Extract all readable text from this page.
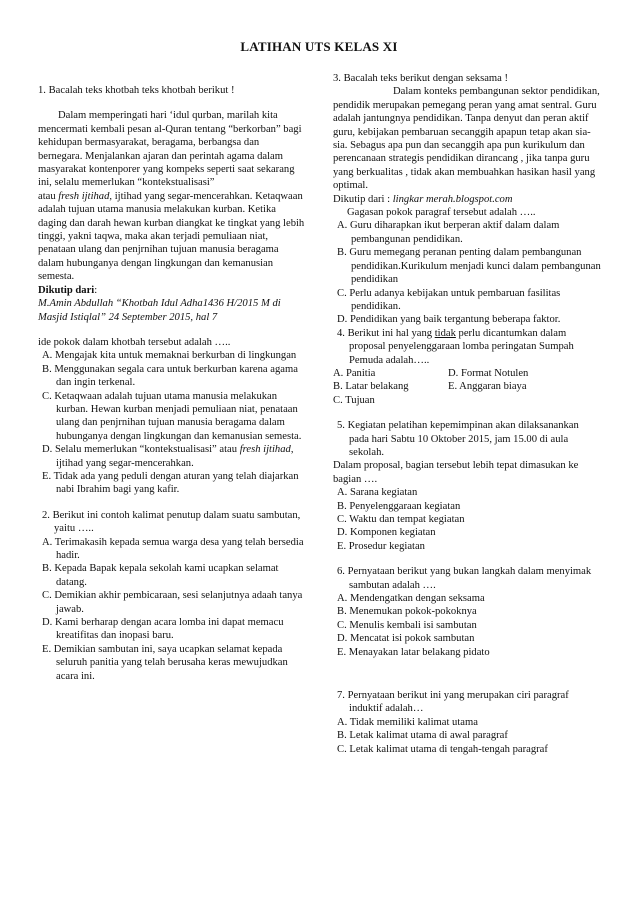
LATIHAN UTS KELAS XI

1. Bacalah teks khotbah teks khotbah berikut !

Dalam memperingati hari ‘idul qurban, marilah kita mencermati kembali pesan al-Quran tentang “berkorban” bagi kehidupan bermasyarakat, beragama, berbangsa dan bernegara. Menjalankan ajaran dan perintah agama dalam masyarakat kontenporer yang kompeks seperti saat sekarang ini, selalu memerlukan “kontekstualisasi”

atau fresh ijtihad, ijtihad yang segar-mencerahkan. Ketaqwaan adalah tujuan utama manusia melakukan kurban. Ketika daging dan darah hewan kurban diangkat ke tingkat yang lebih tinggi, yakni taqwa, maka akan terjadi pemuliaan niat, penataan ulang dan penjrnihan tujuan manusia beragama dalam hubunganya dengan lingkungan dan kemanusian semesta.

Dikutip dari:

M.Amin Abdullah “Khotbah Idul Adha1436 H/2015 M di Masjid Istiqlal” 24 September 2015, hal 7

ide pokok dalam khotbah tersebut adalah …..

A. Mengajak kita untuk memaknai berkurban di lingkungan

B. Menggunakan segala cara untuk berkurban karena agama dan ingin terkenal.

C. Ketaqwaan adalah tujuan utama manusia melakukan kurban. Hewan kurban menjadi pemuliaan niat, penataan ulang dan penjrnihan tujuan manusia beragama dalam hubunganya dengan lingkungan dan kemanusian semesta.

D. Selalu memerlukan “kontekstualisasi” atau fresh ijtihad, ijtihad yang segar-mencerahkan.

E. Tidak ada yang peduli dengan aturan yang telah diajarkan nabi Ibrahim bagi yang kafir.

2. Berikut ini contoh kalimat penutup dalam suatu sambutan, yaitu …..

A. Terimakasih kepada semua warga desa yang telah bersedia hadir.

B. Kepada Bapak kepala sekolah kami ucapkan selamat datang.

C. Demikian akhir pembicaraan, sesi selanjutnya adaah tanya jawab.

D. Kami berharap dengan acara lomba ini dapat memacu kreatifitas dan inopasi baru.

E. Demikian sambutan ini, saya ucapkan selamat kepada seluruh panitia yang telah berusaha keras mewujudkan acara ini.

3. Bacalah teks berikut dengan seksama !

Dalam konteks pembangunan sektor pendidikan, pendidik merupakan pemegang peran yang amat sentral. Guru adalah jantungnya pendidikan. Tanpa denyut dan peran aktif guru, kebijakan pembaruan secanggih apapun tetap akan sia-sia. Sebagus apa pun dan secanggih apa pun kurikulum dan perencanaan strategis pendidikan dirancang , jika tanpa guru yang berkualitas , tidak akan membuahkan hasikan hasil yang optimal.

Dikutip dari : lingkar merah.blogspot.com

Gagasan pokok paragraf tersebut adalah …..

A. Guru diharapkan ikut berperan aktif dalam dalam pembangunan pendidikan.

B. Guru memegang peranan penting dalam pembangunan pendidikan.Kurikulum menjadi kunci dalam pembangunan pendidikan

C. Perlu adanya kebijakan untuk pembaruan fasilitas pendidikan.

D. Pendidikan yang baik tergantung beberapa faktor.

4. Berikut ini hal yang tidak perlu dicantumkan dalam proposal penyelenggaraan lomba peringatan Sumpah Pemuda adalah…..

A. Panitia	D. Format Notulen
B. Latar belakang	E. Anggaran biaya

C. Tujuan

5. Kegiatan pelatihan kepemimpinan akan dilaksanankan pada hari Sabtu 10 Oktober 2015, jam 15.00 di aula sekolah.

Dalam proposal, bagian tersebut lebih tepat dimasukan ke bagian ….

A. Sarana kegiatan

B. Penyelenggaraan kegiatan

C. Waktu dan tempat kegiatan

D. Komponen kegiatan

E. Prosedur kegiatan

6. Pernyataan berikut yang bukan langkah dalam menyimak sambutan adalah ….

A. Mendengatkan dengan seksama

B. Menemukan pokok-pokoknya

C. Menulis kembali isi sambutan

D. Mencatat isi pokok sambutan

E. Menayakan latar belakang pidato

7. Pernyataan berikut ini yang merupakan ciri paragraf induktif adalah…

A. Tidak memiliki kalimat utama

B. Letak kalimat utama di awal paragraf

C. Letak kalimat utama di tengah-tengah paragraf
